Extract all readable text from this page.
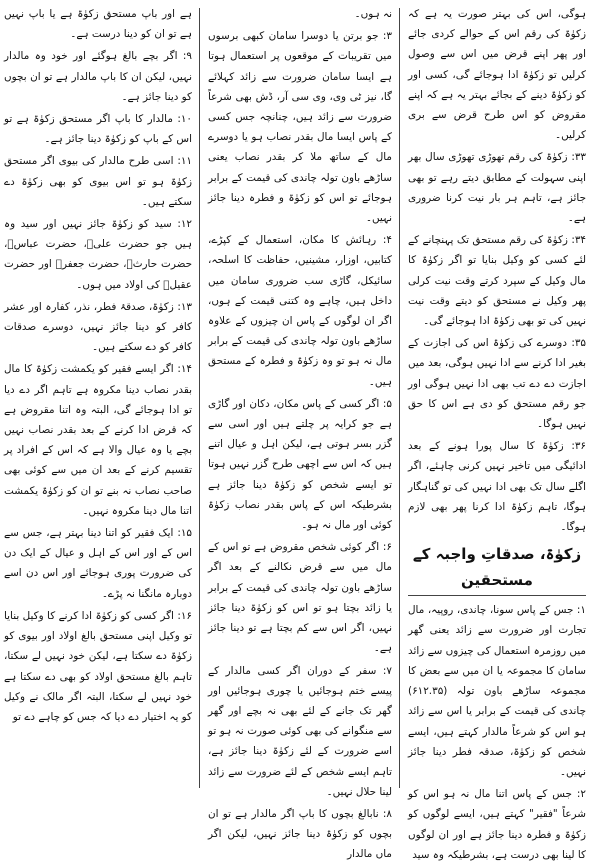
ہوگی، اس کی بہتر صورت یہ ہے کہ زکوٰۃ کی رقم اس کے حوالے کردی جائے اور پھر اپنے قرض میں اس سے وصول کرلیں تو زکوٰۃ ادا ہوجائے گی، کسی اور کو زکوٰۃ دینے کے بجائے بہتر یہ ہے کہ اپنے مقروض کو اس طرح قرض سے بری کرلیں۔

۳۳: زکوٰۃ کی رقم تھوڑی تھوڑی سال بھر اپنی سہولت کے مطابق دیتے رہے تو بھی جائز ہے، تاہم ہر بار نیت کرنا ضروری ہے۔

۳۴: زکوٰۃ کی رقم مستحق تک پہنچانے کے لئے کسی کو وکیل بنایا تو اگر زکوٰۃ کا مال وکیل کے سپرد کرتے وقت نیت کرلی پھر وکیل نے مستحق کو دیتے وقت نیت نہیں کی تو بھی زکوٰۃ ادا ہوجائے گی۔

۳۵: دوسرے کی زکوٰۃ اس کی اجازت کے بغیر ادا کرنے سے ادا نہیں ہوگی، بعد میں اجازت دے دے تب بھی ادا نہیں ہوگی اور جو رقم مستحق کو دی ہے اس کا حق نہیں ہوگا۔

۳۶: زکوٰۃ کا سال پورا ہونے کے بعد ادائیگی میں تاخیر نہیں کرنی چاہئے، اگر اگلے سال تک بھی ادا نہیں کی تو گناہگار ہوگا، تاہم زکوٰۃ ادا کرنا پھر بھی لازم ہوگا۔

زکوٰۃ، صدقاتِ واجبہ کے مستحقین

۱: جس کے پاس سونا، چاندی، روپیہ، مال تجارت اور ضرورت سے زائد یعنی گھر میں روزمرہ استعمال کی چیزوں سے زائد سامان کا مجموعہ یا ان میں سے بعض کا مجموعہ ساڑھے باون تولہ (۶۱۲.۳۵) چاندی کی قیمت کے برابر یا اس سے زائد ہو اس کو شرعاً مالدار کہتے ہیں، ایسے شخص کو زکوٰۃ، صدقہ فطر دینا جائز نہیں۔

۲: جس کے پاس اتنا مال نہ ہو اس کو شرعاً "فقیر" کہتے ہیں، ایسے لوگوں کو زکوٰۃ و فطرہ دینا جائز ہے اور ان لوگوں کا لینا بھی درست ہے، بشرطیکہ وہ سید

نہ ہوں۔

۳: جو برتن یا دوسرا سامان کبھی برسوں میں تقریبات کے موقعوں پر استعمال ہوتا ہے ایسا سامان ضرورت سے زائد کہلائے گا، نیز ٹی وی، وی سی آر، ڈش بھی شرعاً ضرورت سے زائد ہیں، چنانچہ جس کسی کے پاس ایسا مال بقدر نصاب ہو یا دوسرے مال کے ساتھ ملا کر بقدر نصاب یعنی ساڑھے باون تولہ چاندی کی قیمت کے برابر ہوجائے تو اس کو زکوٰۃ و فطرہ دینا جائز نہیں۔

۴: رہائش کا مکان، استعمال کے کپڑے، کتابیں، اوزار، مشینیں، حفاظت کا اسلحہ، سائیکل، گاڑی سب ضروری سامان میں داخل ہیں، چاہے وہ کتنی قیمت کے ہوں، اگر ان لوگوں کے پاس ان چیزوں کے علاوہ ساڑھے باون تولہ چاندی کی قیمت کے برابر مال نہ ہو تو وہ زکوٰۃ و فطرہ کے مستحق ہیں۔

۵: اگر کسی کے پاس مکان، دکان اور گاڑی ہے جو کرایہ پر چلتے ہیں اور اسی سے گزر بسر ہوتی ہے، لیکن اہل و عیال اتنے ہیں کہ اس سے اچھی طرح گزر نہیں ہوتا تو ایسے شخص کو زکوٰۃ دینا جائز ہے بشرطیکہ اس کے پاس بقدر نصاب زکوٰۃ کوئی اور مال نہ ہو۔

۶: اگر کوئی شخص مقروض ہے تو اس کے مال میں سے قرض نکالنے کے بعد اگر ساڑھے باون تولہ چاندی کی قیمت کے برابر یا زائد بچتا ہو تو اس کو زکوٰۃ دینا جائز نہیں، اگر اس سے کم بچتا ہے تو دینا جائز ہے۔

۷: سفر کے دوران اگر کسی مالدار کے پیسے ختم ہوجائیں یا چوری ہوجائیں اور گھر تک جانے کے لئے بھی نہ بچے اور گھر سے منگوانے کی بھی کوئی صورت نہ ہو تو اسے ضرورت کے لئے زکوٰۃ دینا جائز ہے، تاہم ایسے شخص کے لئے ضرورت سے زائد لینا حلال نہیں۔

۸: نابالغ بچوں کا باپ اگر مالدار ہے تو ان بچوں کو زکوٰۃ دینا جائز نہیں، لیکن اگر ماں مالدار

ہے اور باپ مستحق زکوٰۃ ہے یا باپ نہیں ہے تو ان کو دینا درست ہے۔

۹: اگر بچے بالغ ہوگئے اور خود وہ مالدار نہیں، لیکن ان کا باپ مالدار ہے تو ان بچوں کو دینا جائز ہے۔

۱۰: مالدار کا باپ اگر مستحق زکوٰۃ ہے تو اس کے باپ کو زکوٰۃ دینا جائز ہے۔

۱۱: اسی طرح مالدار کی بیوی اگر مستحق زکوٰۃ ہو تو اس بیوی کو بھی زکوٰۃ دے سکتے ہیں۔

۱۲: سید کو زکوٰۃ جائز نہیں اور سید وہ ہیں جو حضرت علیؓ، حضرت عباسؓ، حضرت حارثؓ، حضرت جعفرؓ اور حضرت عقیلؓ کی اولاد میں ہوں۔

۱۳: زکوٰۃ، صدقۂ فطر، نذر، کفارہ اور عشر کافر کو دینا جائز نہیں، دوسرے صدقات کافر کو دے سکتے ہیں۔

۱۴: اگر ایسے فقیر کو یکمشت زکوٰۃ کا مال بقدر نصاب دینا مکروہ ہے تاہم اگر دے دیا تو ادا ہوجائے گی، البتہ وہ اتنا مقروض ہے کہ قرض ادا کرنے کے بعد بقدر نصاب نہیں بچے یا وہ عیال والا ہے کہ اس کے افراد پر تقسیم کرنے کے بعد ان میں سے کوئی بھی صاحب نصاب نہ بنے تو ان کو زکوٰۃ یکمشت اتنا مال دینا مکروہ نہیں۔

۱۵: ایک فقیر کو اتنا دینا بہتر ہے، جس سے اس کے اور اس کے اہل و عیال کے ایک دن کی ضرورت پوری ہوجائے اور اس دن اسے دوبارہ مانگنا نہ پڑے۔

۱۶: اگر کسی کو زکوٰۃ ادا کرنے کا وکیل بنایا تو وکیل اپنی مستحق بالغ اولاد اور بیوی کو زکوٰۃ دے سکتا ہے، لیکن خود نہیں لے سکتا، تاہم بالغ مستحق اولاد کو بھی دے سکتا ہے خود نہیں لے سکتا، البتہ اگر مالک نے وکیل کو یہ اختیار دے دیا کہ جس کو چاہے دے تو
